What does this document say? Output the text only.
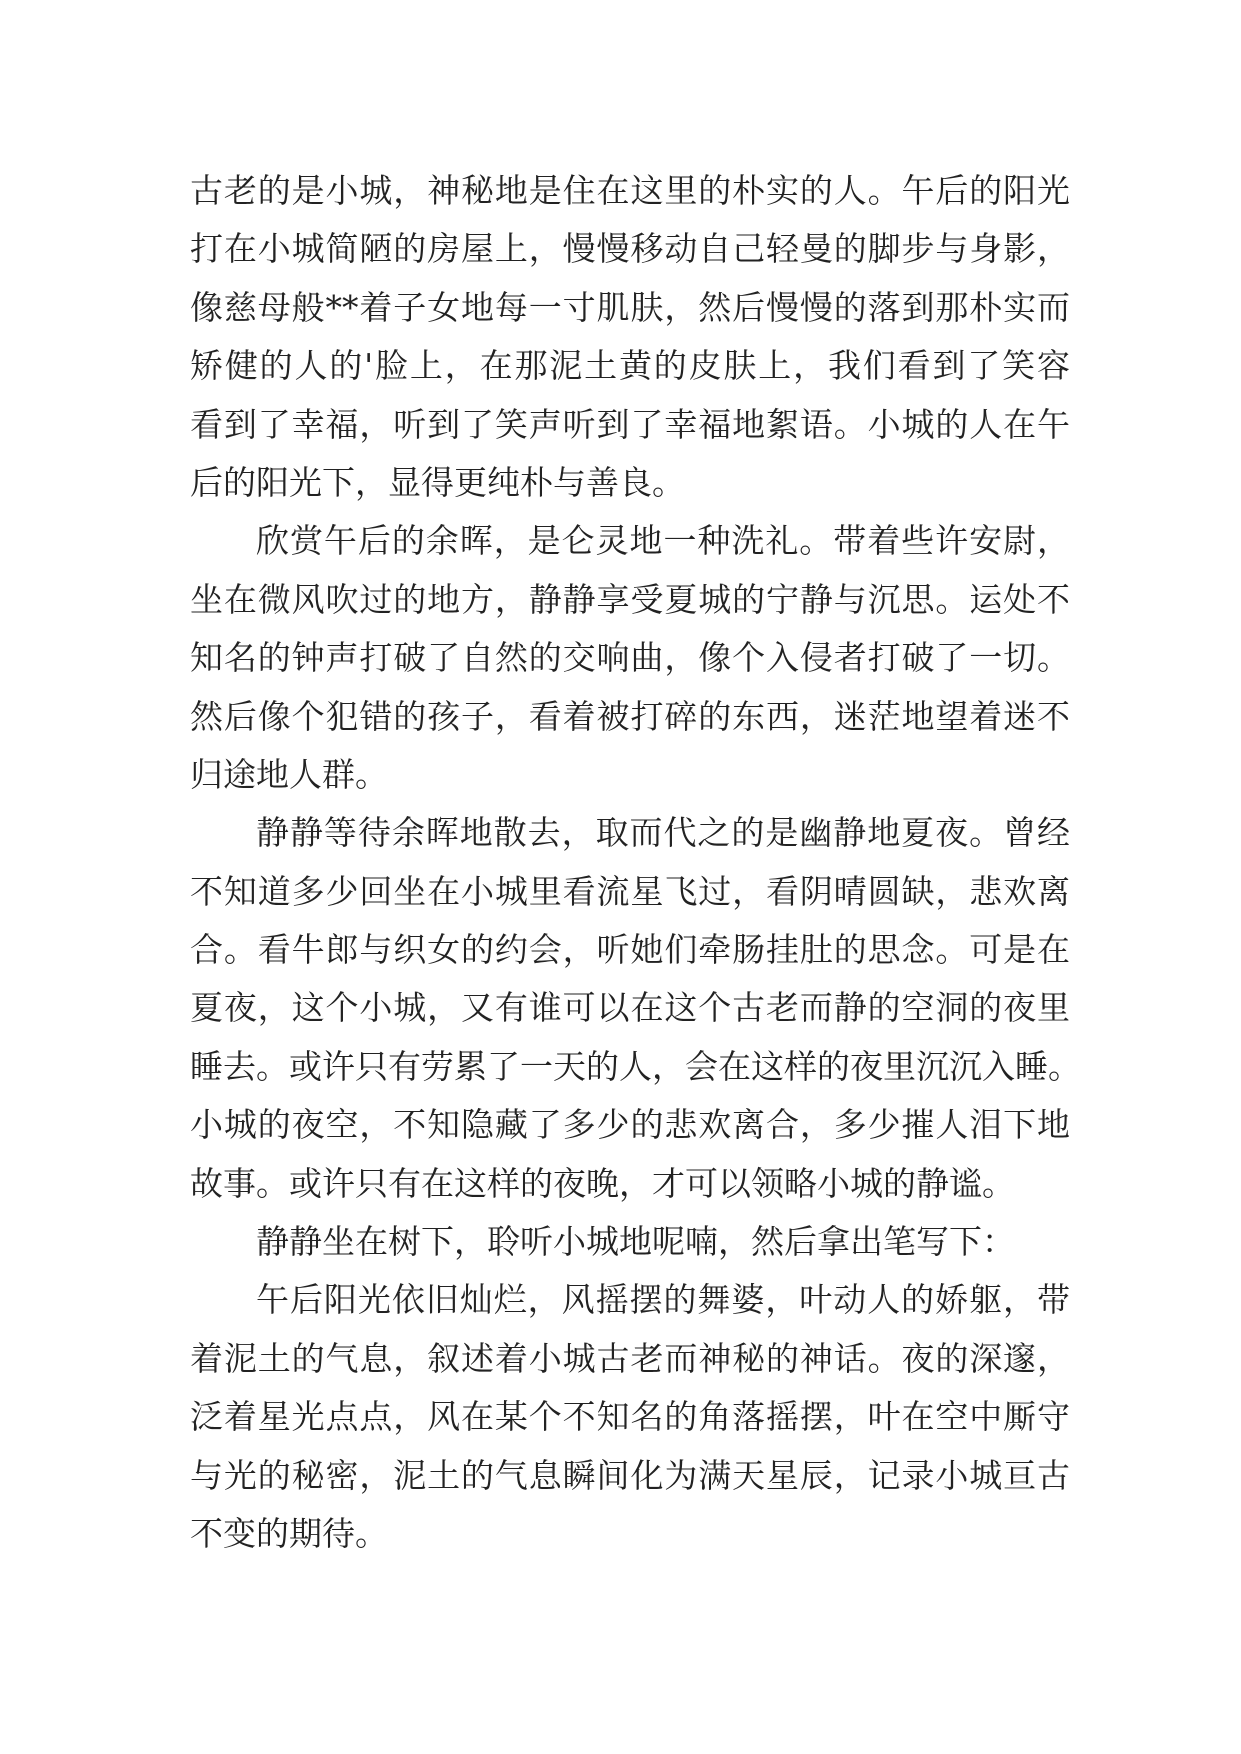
古老的是小城，神秘地是住在这里的朴实的人。午后的阳光
打在小城简陋的房屋上，慢慢移动自己轻曼的脚步与身影，
像慈母般**着子女地每一寸肌肤，然后慢慢的落到那朴实而
矫健的人的'脸上，在那泥土黄的皮肤上，我们看到了笑容
看到了幸福，听到了笑声听到了幸福地絮语。小城的人在午
后的阳光下，显得更纯朴与善良。
欣赏午后的余晖，是仑灵地一种洗礼。带着些许安尉，
坐在微风吹过的地方，静静享受夏城的宁静与沉思。运处不
知名的钟声打破了自然的交响曲，像个入侵者打破了一切。
然后像个犯错的孩子，看着被打碎的东西，迷茫地望着迷不
归途地人群。
静静等待余晖地散去，取而代之的是幽静地夏夜。曾经
不知道多少回坐在小城里看流星飞过，看阴晴圆缺，悲欢离
合。看牛郎与织女的约会，听她们牵肠挂肚的思念。可是在
夏夜，这个小城，又有谁可以在这个古老而静的空洞的夜里
睡去。或许只有劳累了一天的人，会在这样的夜里沉沉入睡。
小城的夜空，不知隐藏了多少的悲欢离合，多少摧人泪下地
故事。或许只有在这样的夜晚，才可以领略小城的静谧。
静静坐在树下，聆听小城地呢喃，然后拿出笔写下：
午后阳光依旧灿烂，风摇摆的舞婆，叶动人的娇躯，带
着泥土的气息，叙述着小城古老而神秘的神话。夜的深邃，
泛着星光点点，风在某个不知名的角落摇摆，叶在空中厮守
与光的秘密，泥土的气息瞬间化为满天星辰，记录小城亘古
不变的期待。
